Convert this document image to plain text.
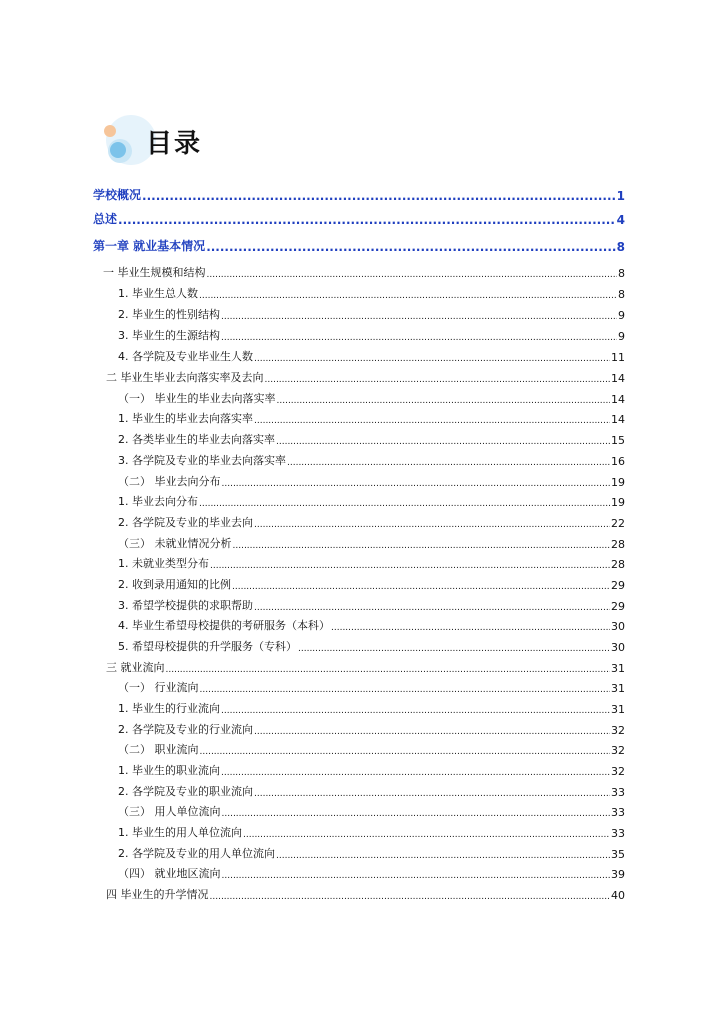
目录
学校概况 .....	1
总述 .....	4
第一章 就业基本情况 .....	8
一 毕业生规模和结构 .....	8
1. 毕业生总人数 .....	8
2. 毕业生的性别结构 .....	9
3. 毕业生的生源结构 .....	9
4. 各学院及专业毕业生人数 .....	11
二 毕业生毕业去向落实率及去向 .....	14
（一） 毕业生的毕业去向落实率 .....	14
1. 毕业生的毕业去向落实率 .....	14
2. 各类毕业生的毕业去向落实率 .....	15
3. 各学院及专业的毕业去向落实率 .....	16
（二） 毕业去向分布 .....	19
1. 毕业去向分布 .....	19
2. 各学院及专业的毕业去向 .....	22
（三） 未就业情况分析 .....	28
1. 未就业类型分布 .....	28
2. 收到录用通知的比例 .....	29
3. 希望学校提供的求职帮助 .....	29
4. 毕业生希望母校提供的考研服务（本科） .....	30
5. 希望母校提供的升学服务（专科） .....	30
三 就业流向 .....	31
（一） 行业流向 .....	31
1. 毕业生的行业流向 .....	31
2. 各学院及专业的行业流向 .....	32
（二） 职业流向 .....	32
1. 毕业生的职业流向 .....	32
2. 各学院及专业的职业流向 .....	33
（三） 用人单位流向 .....	33
1. 毕业生的用人单位流向 .....	33
2. 各学院及专业的用人单位流向 .....	35
（四） 就业地区流向 .....	39
四 毕业生的升学情况 .....	40
